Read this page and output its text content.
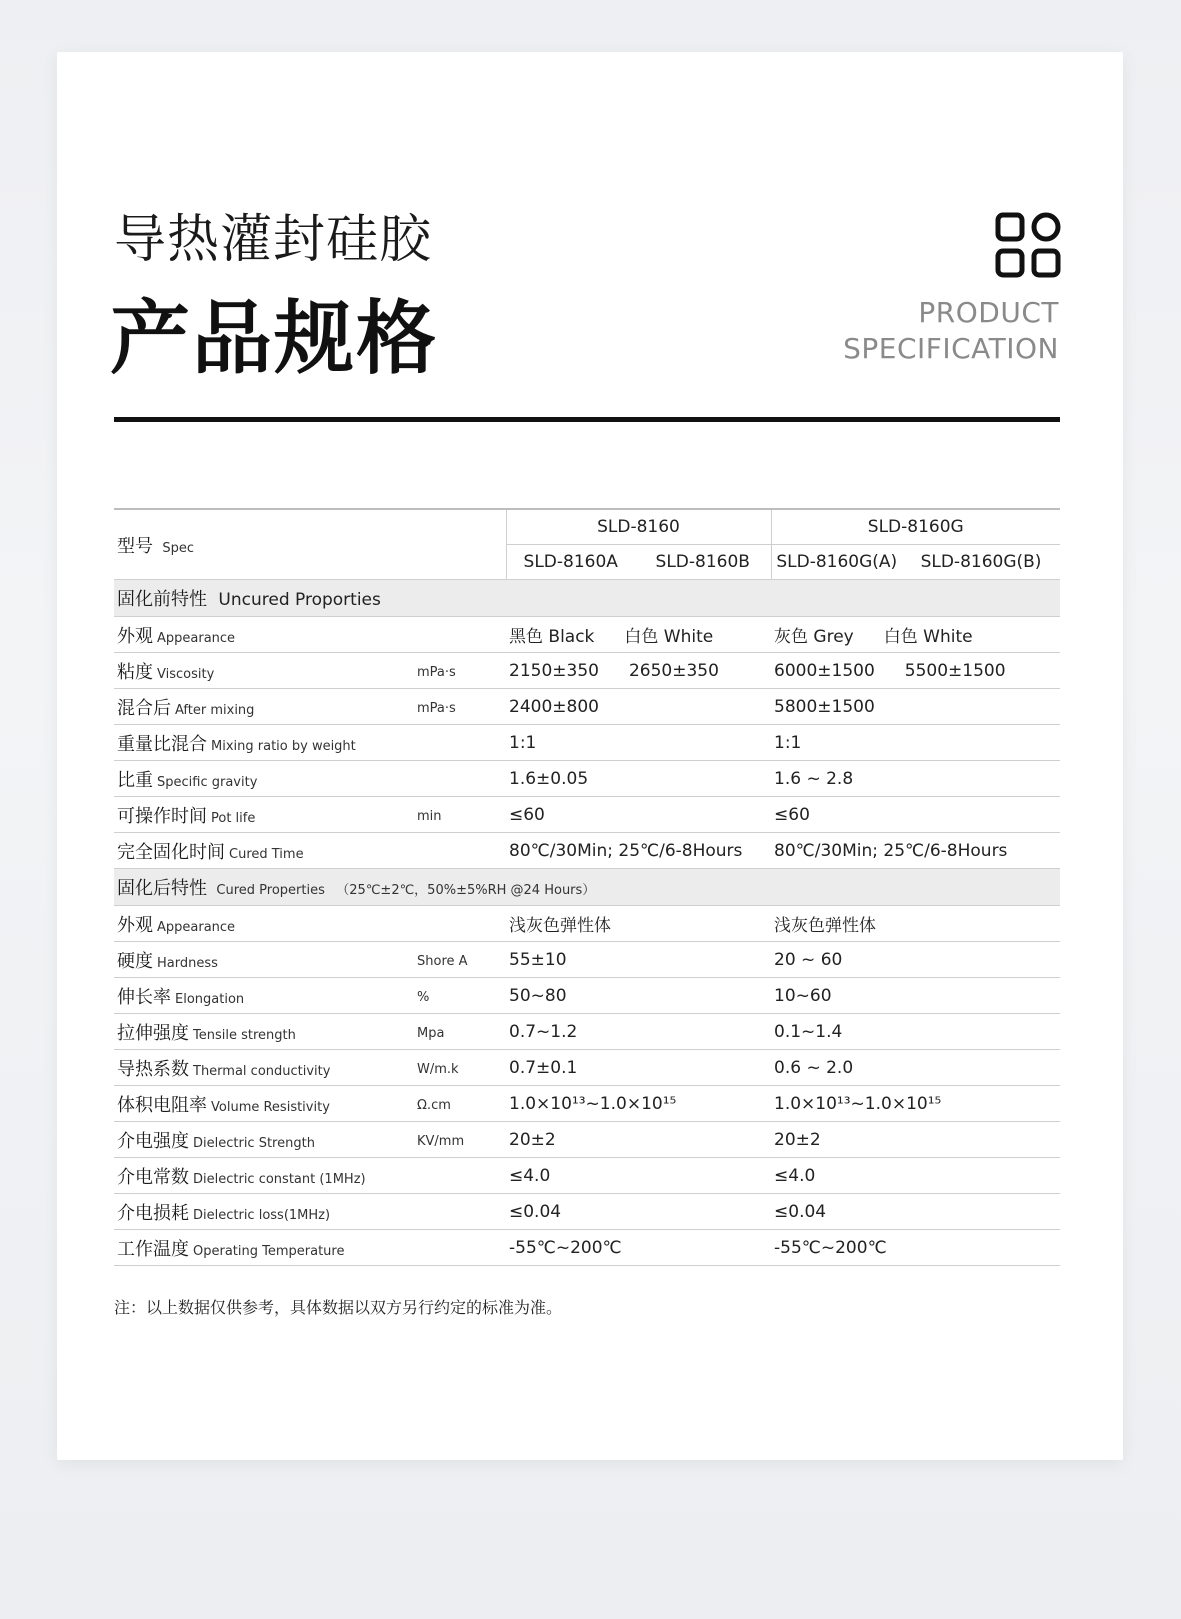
导热灌封硅胶
产品规格	PRODUCT
SPECIFICATION
型号 Spec		SLD-8160		SLD-8160G	
		SLD-8160A	SLD-8160B	SLD-8160G(A)	SLD-8160G(B)
固化前特性 Uncured Proporties					
外观 Appearance		黑色 Black 白色 White		灰色 Grey 白色 White	
粘度 Viscosity	mPa·s	2150±350 2650±350		6000±1500 5500±1500	
混合后 After mixing	mPa·s	2400±800		5800±1500	
重量比混合 Mixing ratio by weight		1:1		1:1	
比重 Specific gravity		1.6±0.05		1.6 ~ 2.8	
可操作时间 Pot life	min	≤60		≤60	
完全固化时间 Cured Time		80℃/30Min; 25℃/6-8Hours		80℃/30Min; 25℃/6-8Hours	
固化后特性 Cured Properties （25℃±2℃，50%±5%RH @24 Hours）					
外观 Appearance		浅灰色弹性体		浅灰色弹性体	
硬度 Hardness	Shore A	55±10		20 ~ 60	
伸长率 Elongation	%	50~80		10~60	
拉伸强度 Tensile strength	Mpa	0.7~1.2		0.1~1.4	
导热系数 Thermal conductivity	W/m.k	0.7±0.1		0.6 ~ 2.0	
体积电阻率 Volume Resistivity	Ω.cm	1.0×10¹³~1.0×10¹⁵		1.0×10¹³~1.0×10¹⁵	
介电强度 Dielectric Strength	KV/mm	20±2		20±2	
介电常数 Dielectric constant (1MHz)		≤4.0		≤4.0	
介电损耗 Dielectric loss(1MHz)		≤0.04		≤0.04	
工作温度 Operating Temperature		-55℃~200℃		-55℃~200℃	

注：以上数据仅供参考，具体数据以双方另行约定的标准为准。
